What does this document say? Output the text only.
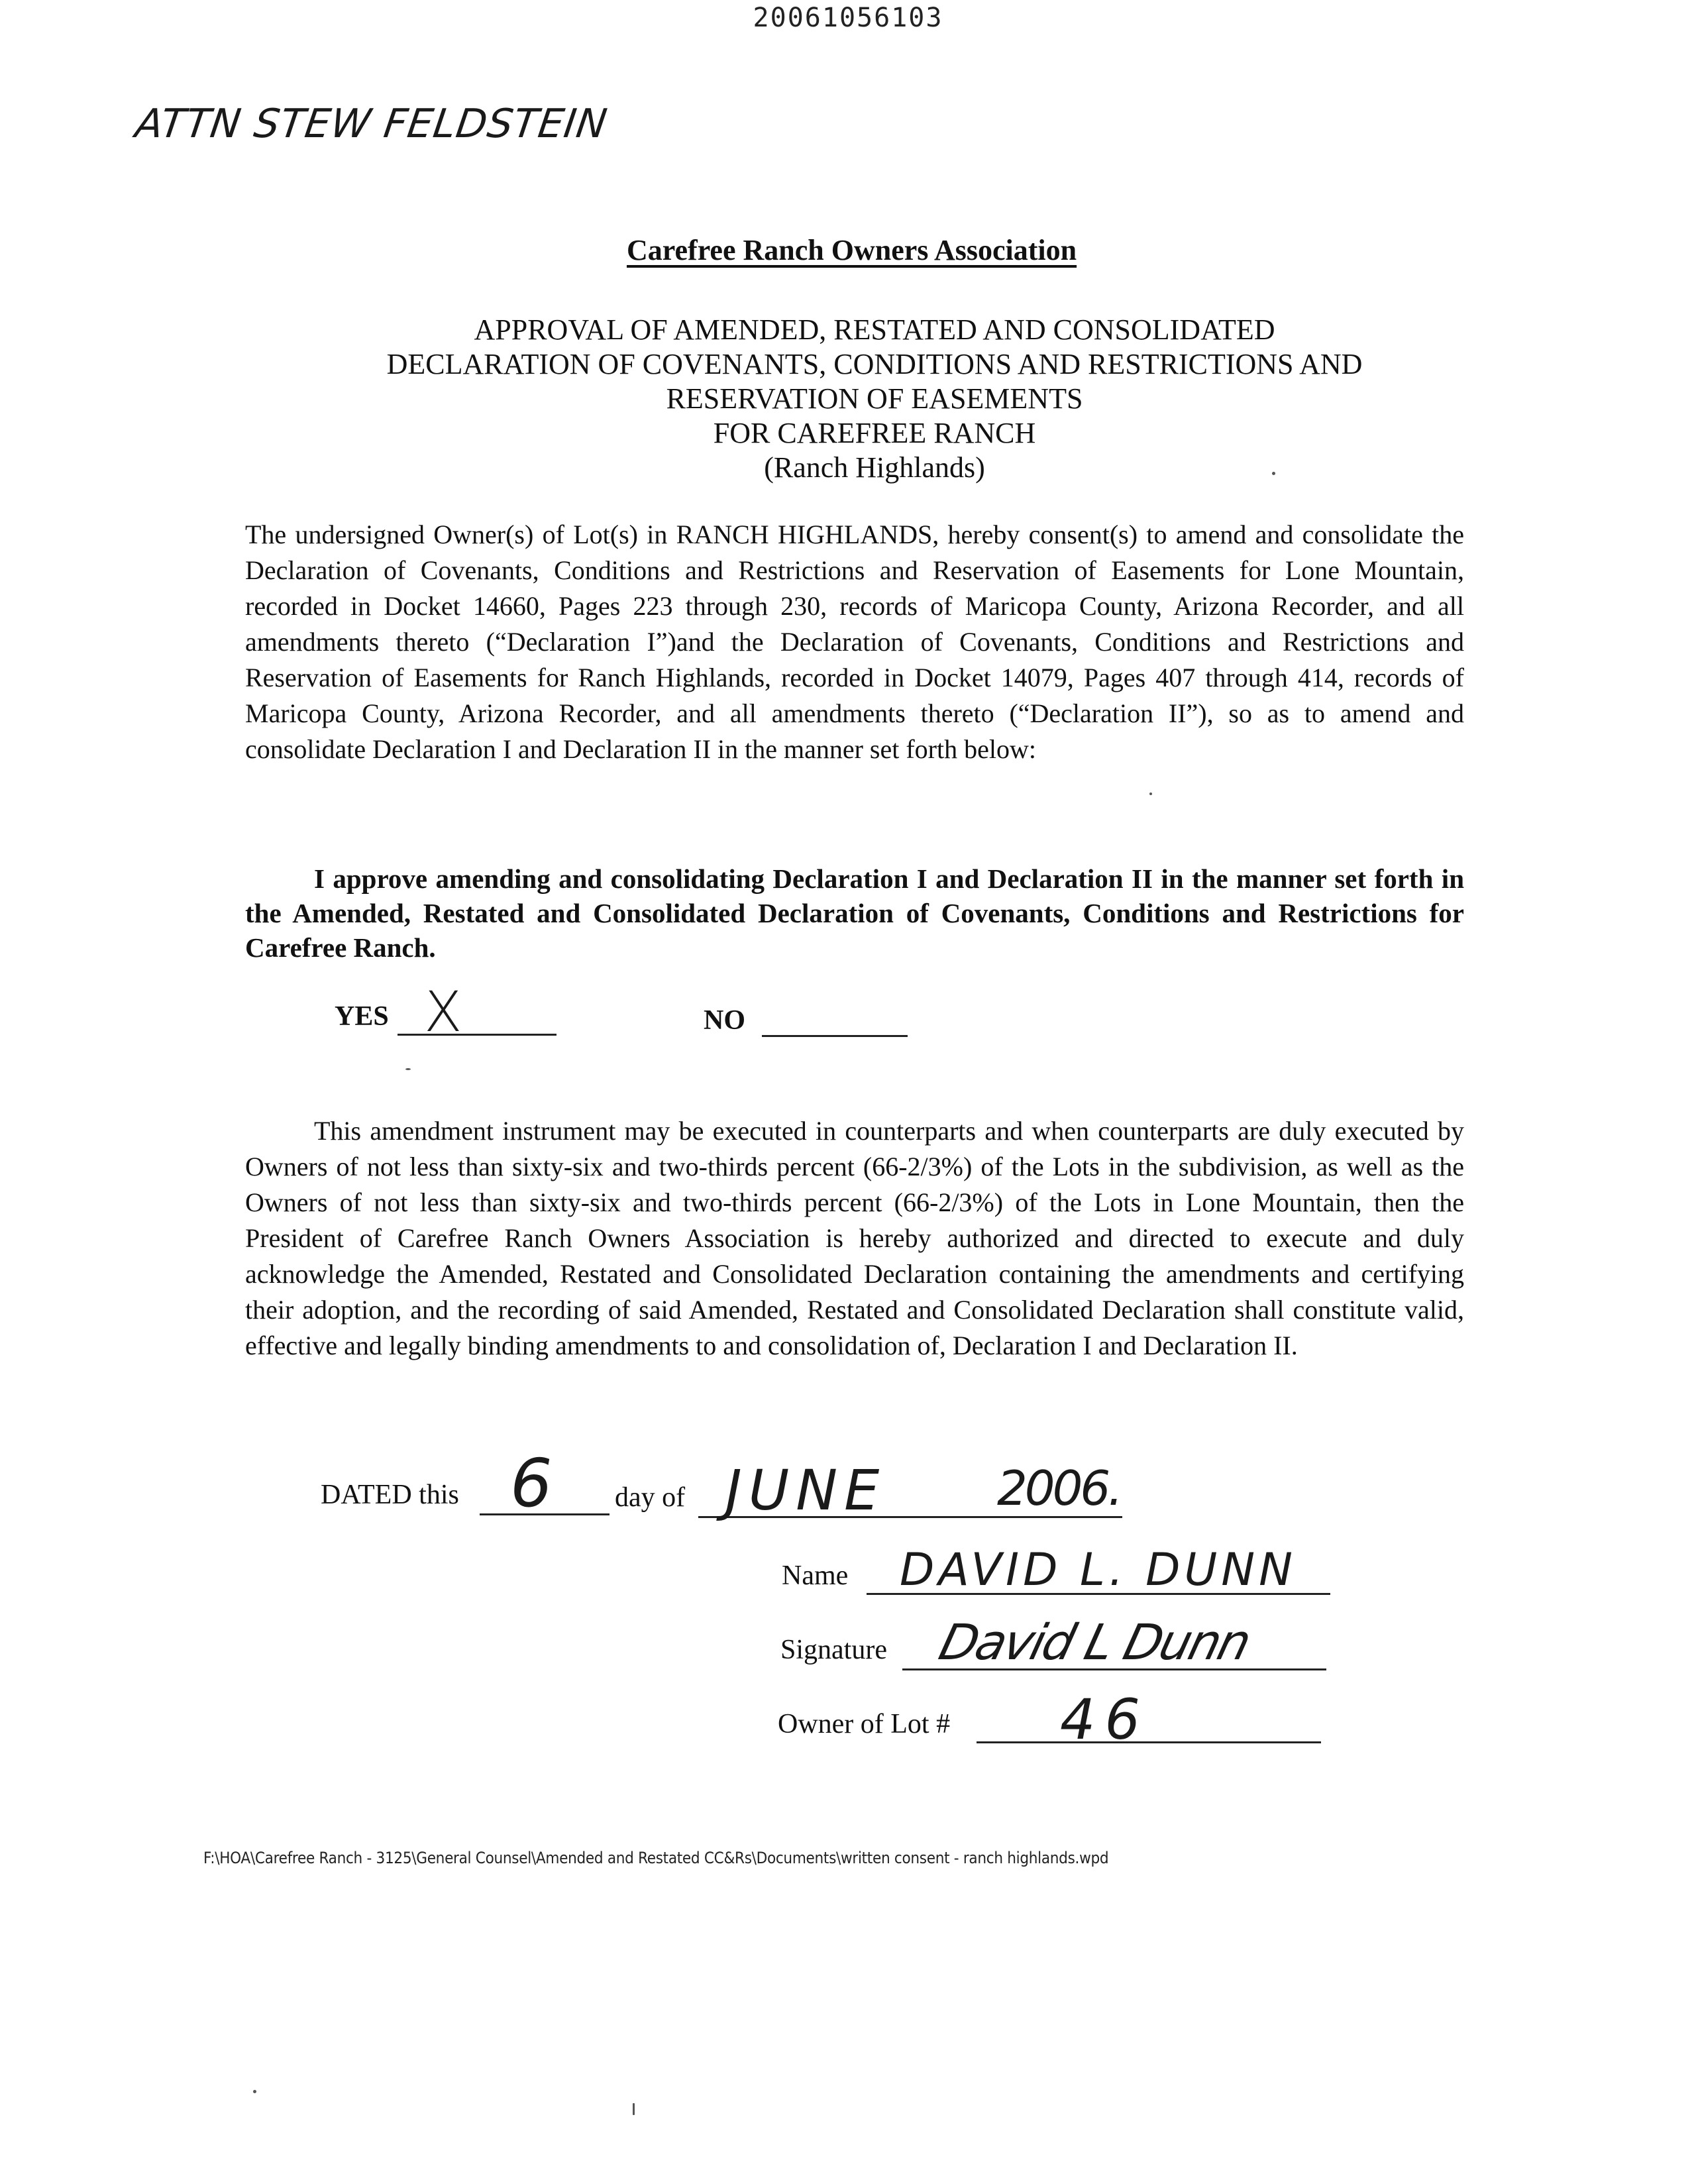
20061056103
ATTN STEW FELDSTEIN
Carefree Ranch Owners Association
APPROVAL OF AMENDED, RESTATED AND CONSOLIDATED
DECLARATION OF COVENANTS, CONDITIONS AND RESTRICTIONS AND
RESERVATION OF EASEMENTS
FOR CAREFREE RANCH
(Ranch Highlands)
The undersigned Owner(s) of Lot(s) in RANCH HIGHLANDS, hereby consent(s) to amend and consolidate the Declaration of Covenants, Conditions and Restrictions and Reservation of Easements for Lone Mountain, recorded in Docket 14660, Pages 223 through 230, records of Maricopa County, Arizona Recorder, and all amendments thereto (“Declaration I”)and the Declaration of Covenants, Conditions and Restrictions and Reservation of Easements for Ranch Highlands, recorded in Docket 14079, Pages 407 through 414, records of Maricopa County, Arizona Recorder, and all amendments thereto (“Declaration II”), so as to amend and consolidate Declaration I and Declaration II in the manner set forth below:
I approve amending and consolidating Declaration I and Declaration II in the manner set forth in the Amended, Restated and Consolidated Declaration of Covenants, Conditions and Restrictions for Carefree Ranch.
YES X	NO
This amendment instrument may be executed in counterparts and when counterparts are duly executed by Owners of not less than sixty-six and two-thirds percent (66-2/3%) of the Lots in the subdivision, as well as the Owners of not less than sixty-six and two-thirds percent (66-2/3%) of the Lots in Lone Mountain, then the President of Carefree Ranch Owners Association is hereby authorized and directed to execute and duly acknowledge the Amended, Restated and Consolidated Declaration containing the amendments and certifying their adoption, and the recording of said Amended, Restated and Consolidated Declaration shall constitute valid, effective and legally binding amendments to and consolidation of, Declaration I and Declaration II.
DATED this 6 day of JUNE 2006.
Name DAVID L. DUNN
Signature David L Dunn
Owner of Lot # 46
F:\HOA\Carefree Ranch - 3125\General Counsel\Amended and Restated CC&Rs\Documents\written consent - ranch highlands.wpd
